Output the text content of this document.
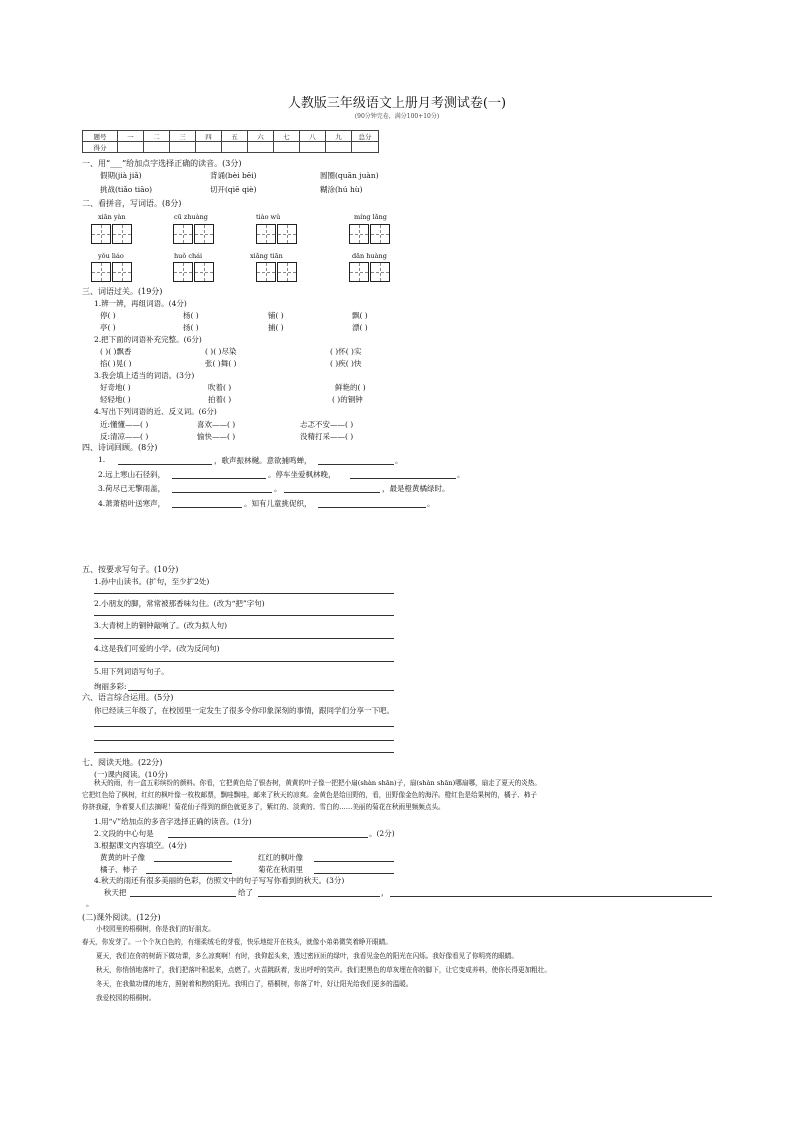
人教版三年级语文上册月考测试卷(一)
(90分钟完卷，满分100+10分)
题号	一	二	三	四	五	六	七	八	九	总分
得分										
一、用“___”给加点字选择正确的读音。(3分)
假期(jià jiǎ)	背诵(bèi bēi)	圆圈(quān juàn)
挑战(tiǎo tiāo)	切开(qiē qiè)	糊涂(hú hù)
二、看拼音，写词语。(8分)
xiān yàn	cū zhuàng	tiào wǔ	míng lǎng
yǒu liáo	huǒ chái	xiǎng tiān	dān huàng
三、词语过关。(19分)
1.辨一辨，再组词语。(4分)
停( )	杨( )	铺( )	飘( )
亭( )	扬( )	捕( )	漂( )
2.把下面的词语补充完整。(6分)
( )( )飘香	( )( )尽染	( )怀( )实
掐( )晃( )	张( )舞( )	( )疾( )快
3.我会填上适当的词语。(3分)
好奇地( )	吹着( )	鲜艳的( )
轻轻地( )	拍着( )	( )的铜钟
4.写出下列词语的近、反义词。(6分)
近:懂懂——( )	喜欢——( )	忐忑不安——( )
反:清凉——( )	愉快——( )	没精打采——( )
四、诗词回顾。(8分)
1.	，歌声振林樾。意欲捕鸣蝉，	。
2.远上寒山石径斜，	。停车坐爱枫林晚，	。
3.荷尽已无擎雨盖，	。	，最是橙黄橘绿时。
4.萧萧梧叶送寒声，	。知有儿童挑促织，	。
五、按要求写句子。(10分)
1.孙中山读书。(扩句，至少扩2处)
2.小朋友的脚，常常被那香味勾住。(改为“把”字句)
3.大青树上的铜钟敲响了。(改为拟人句)
4.这是我们可爱的小学。(改为反问句)
5.用下列词语写句子。
绚丽多彩:
六、语言综合运用。(5分)
你已经读三年级了，在校园里一定发生了很多令你印象深刻的事情，跟同学们分享一下吧。
七、阅读天地。(22分)
(一)课内阅读。(10分)
秋天的雨，有一盒五彩缤纷的颜料。你看，它把黄色给了银杏树，黄黄的叶子像一把把小扇(shàn shān)子，扇(shàn shān)哪扇哪，扇走了夏天的炎热。
它把红色给了枫树，红红的枫叶像一枚枚邮票，飘哇飘哇，邮来了秋天的凉爽。金黄色是给田野的，看，田野像金色的海洋。橙红色是给果树的，橘子、柿子
你挤我碰，争着要人们去摘呢！菊花仙子得到的颜色就更多了，紫红的、淡黄的、雪白的……美丽的菊花在秋雨里频频点头。
1.用“√”给加点的多音字选择正确的读音。(1分)
2.文段的中心句是	。(2分)
3.根据课文内容填空。(4分)
黄黄的叶子像	红红的枫叶像
橘子、柿子	菊花在秋雨里
4.秋天的雨还有很多美丽的色彩，仿照文中的句子写写你看到的秋天。(3分)
秋天把	给了	，
。
(二)课外阅读。(12分)
小校园里的梧桐树，你是我们的好朋友。
春天，你发芽了。一个个灰白色的，有细柔绒毛的芽苞，快乐地绽开在枝头，就像小弟弟微笑着睁开眼睛。
夏天，我们在你的树荫下做功课，多么凉爽啊！有时，我仰起头来，透过密匝匝的绿叶，我看见金色的阳光在闪烁。我好像看见了你明亮的眼睛。
秋天，你悄悄地落叶了，我们把落叶积起来，点燃了。火苗跳跃着，发出呼呼的笑声。我们把黑色的草灰埋在你的脚下，让它变成养料，使你长得更加粗壮。
冬天，在我做功课的地方，照射着和煦的阳光。我明白了，梧桐树，你落了叶，好让阳光给我们更多的温暖。
我爱校园的梧桐树。
